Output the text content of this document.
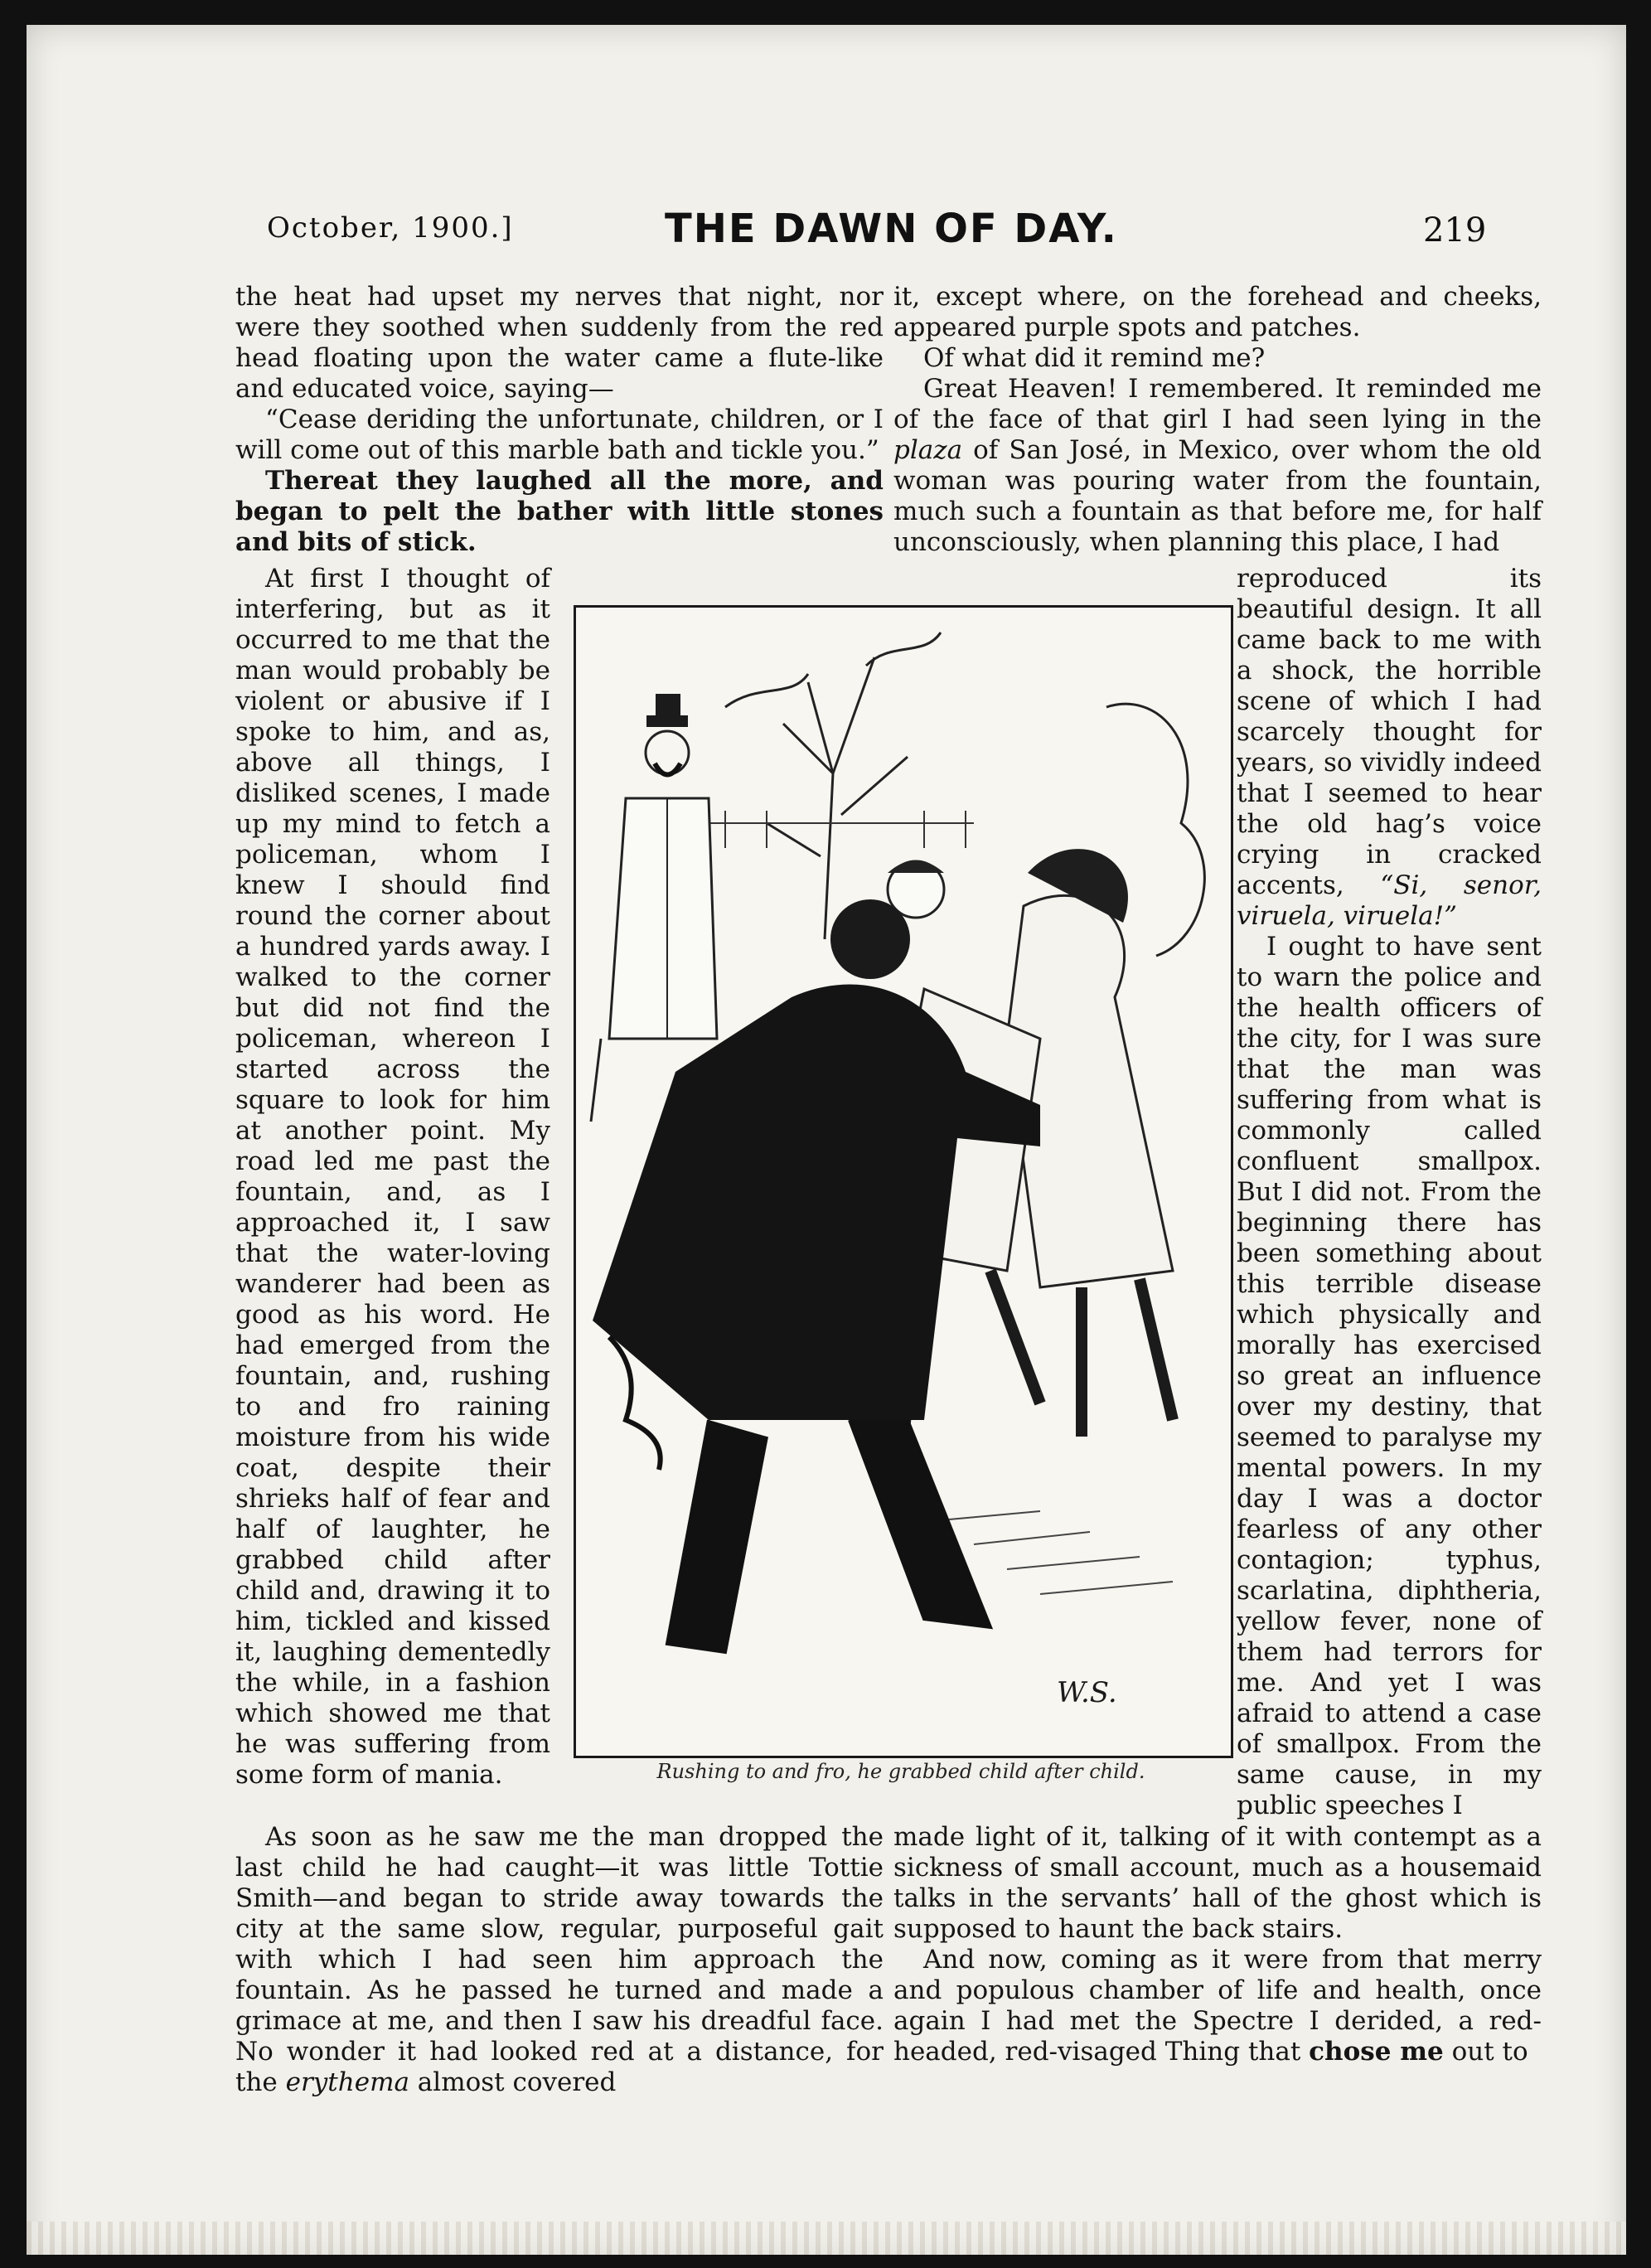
October, 1900.]	THE DAWN OF DAY.	219

the heat had upset my nerves that night, nor were they soothed when suddenly from the red head floating upon the water came a flute-like and educated voice, saying—

“Cease deriding the unfortunate, children, or I will come out of this marble bath and tickle you.”

Thereat they laughed all the more, and began to pelt the bather with little stones and bits of stick.

At first I thought of interfering, but as it occurred to me that the man would probably be violent or abusive if I spoke to him, and as, above all things, I disliked scenes, I made up my mind to fetch a policeman, whom I knew I should find round the corner about a hundred yards away. I walked to the corner but did not find the policeman, whereon I started across the square to look for him at another point. My road led me past the fountain, and, as I approached it, I saw that the water-loving wanderer had been as good as his word. He had emerged from the fountain, and, rushing to and fro raining moisture from his wide coat, despite their shrieks half of fear and half of laughter, he grabbed child after child and, drawing it to him, tickled and kissed it, laughing dementedly the while, in a fashion which showed me that he was suffering from some form of mania.

As soon as he saw me the man dropped the last child he had caught—it was little Tottie Smith—and began to stride away towards the city at the same slow, regular, purposeful gait with which I had seen him approach the fountain. As he passed he turned and made a grimace at me, and then I saw his dreadful face. No wonder it had looked red at a distance, for the erythema almost covered

it, except where, on the forehead and cheeks, appeared purple spots and patches.

Of what did it remind me?

Great Heaven! I remembered. It reminded me of the face of that girl I had seen lying in the plaza of San José, in Mexico, over whom the old woman was pouring water from the fountain, much such a fountain as that before me, for half unconsciously, when planning this place, I had

reproduced its beautiful design. It all came back to me with a shock, the horrible scene of which I had scarcely thought for years, so vividly indeed that I seemed to hear the old hag’s voice crying in cracked accents, “Si, senor, viruela, viruela!”

I ought to have sent to warn the police and the health officers of the city, for I was sure that the man was suffering from what is commonly called confluent smallpox. But I did not. From the beginning there has been something about this terrible disease which physically and morally has exercised so great an influence over my destiny, that seemed to paralyse my mental powers. In my day I was a doctor fearless of any other contagion; typhus, scarlatina, diphtheria, yellow fever, none of them had terrors for me. And yet I was afraid to attend a case of smallpox. From the same cause, in my public speeches I

made light of it, talking of it with contempt as a sickness of small account, much as a housemaid talks in the servants’ hall of the ghost which is supposed to haunt the back stairs.

And now, coming as it were from that merry and populous chamber of life and health, once again I had met the Spectre I derided, a red-headed, red-visaged Thing that chose me out to

W.S.
Rushing to and fro, he grabbed child after child.
